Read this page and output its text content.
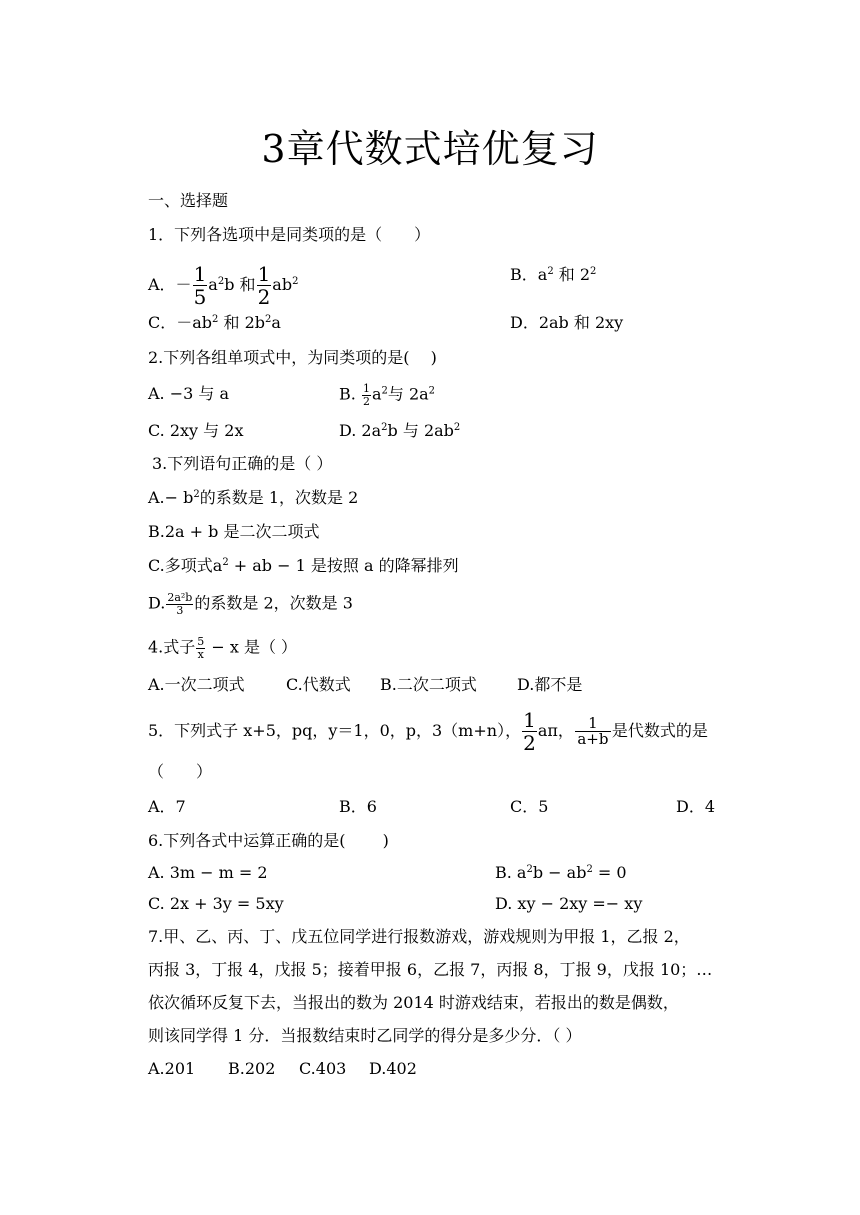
3章代数式培优复习
一、选择题
1．下列各选项中是同类项的是（　　）
A．－ $\frac{1}{5} a^2b$ 和 $\frac{1}{2} ab^2$	B．$a^2$ 和 $2^2$
C．$-ab^2$ 和 $2b^2a$	D．2ab 和 2xy
2.下列各组单项式中，为同类项的是(　 )
A. −3 与 a	B. $\frac{1}{2} a^2$与 $2a^2$
C. 2xy 与 2x	D. $2a^2b$ 与 $2ab^2$
3.下列语句正确的是（ ）
$A.- b^2$的系数是 1，次数是 2
B.2a + b 是二次二项式
C.多项式$a^2$ + ab − 1 是按照 a 的降幂排列
D. $\frac{\text{2a²b}}{3}$ 的系数是 2，次数是 3
4.式子 $\frac{5}{x} - x$ 是（ ）
A.一次二项式	C.代数式 B.二次二项式	D.都不是
5．下列式子 x+5，pq，y＝1，0，p，3（m+n）， $\frac{1}{2}$ aπ， $\frac{1}{a+b}$ 是代数式的是
（　　）
A．7	B．6	C．5	D．4
6.下列各式中运算正确的是(　　 )
A. 3m − m = 2	B. $a^2b - ab^2 = 0$
C. 2x + 3y = 5xy	D. xy − 2xy =− xy
7.甲、乙、丙、丁、戊五位同学进行报数游戏，游戏规则为甲报 1，乙报 2，
丙报 3，丁报 4，戊报 5；接着甲报 6，乙报 7，丙报 8，丁报 9，戊报 10；…
依次循环反复下去，当报出的数为 2014 时游戏结束，若报出的数是偶数，
则该同学得 1 分．当报数结束时乙同学的得分是多少分．（ ）
A.201 B.202 C.403 D.402
